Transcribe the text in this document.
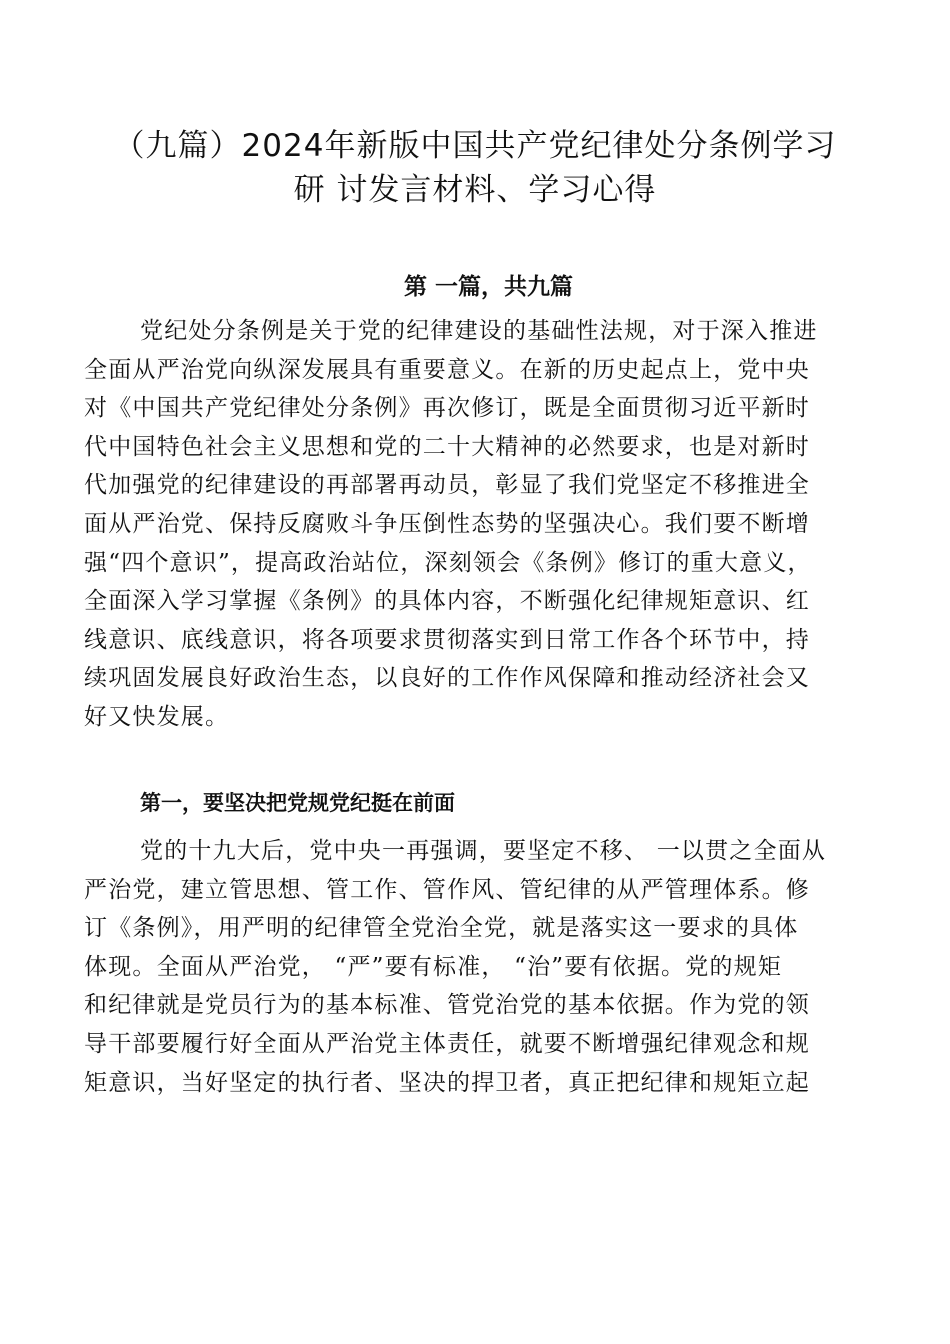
（九篇）2024年新版中国共产党纪律处分条例学习
研 讨发言材料、学习心得
第 一篇，共九篇
党纪处分条例是关于党的纪律建设的基础性法规，对于深入推进
全面从严治党向纵深发展具有重要意义。在新的历史起点上，党中央
对《中国共产党纪律处分条例》再次修订，既是全面贯彻习近平新时
代中国特色社会主义思想和党的二十大精神的必然要求，也是对新时
代加强党的纪律建设的再部署再动员，彰显了我们党坚定不移推进全
面从严治党、保持反腐败斗争压倒性态势的坚强决心。我们要不断增
强“四个意识”，提高政治站位，深刻领会《条例》修订的重大意义，
全面深入学习掌握《条例》的具体内容，不断强化纪律规矩意识、红
线意识、底线意识，将各项要求贯彻落实到日常工作各个环节中，持
续巩固发展良好政治生态，以良好的工作作风保障和推动经济社会又
好又快发展。
第一，要坚决把党规党纪挺在前面
党的十九大后，党中央一再强调，要坚定不移、 一以贯之全面从
严治党，建立管思想、管工作、管作风、管纪律的从严管理体系。修
订《条例》，用严明的纪律管全党治全党，就是落实这一要求的具体
体现。全面从严治党， “严”要有标准， “治”要有依据。党的规矩
和纪律就是党员行为的基本标准、管党治党的基本依据。作为党的领
导干部要履行好全面从严治党主体责任，就要不断增强纪律观念和规
矩意识，当好坚定的执行者、坚决的捍卫者，真正把纪律和规矩立起
